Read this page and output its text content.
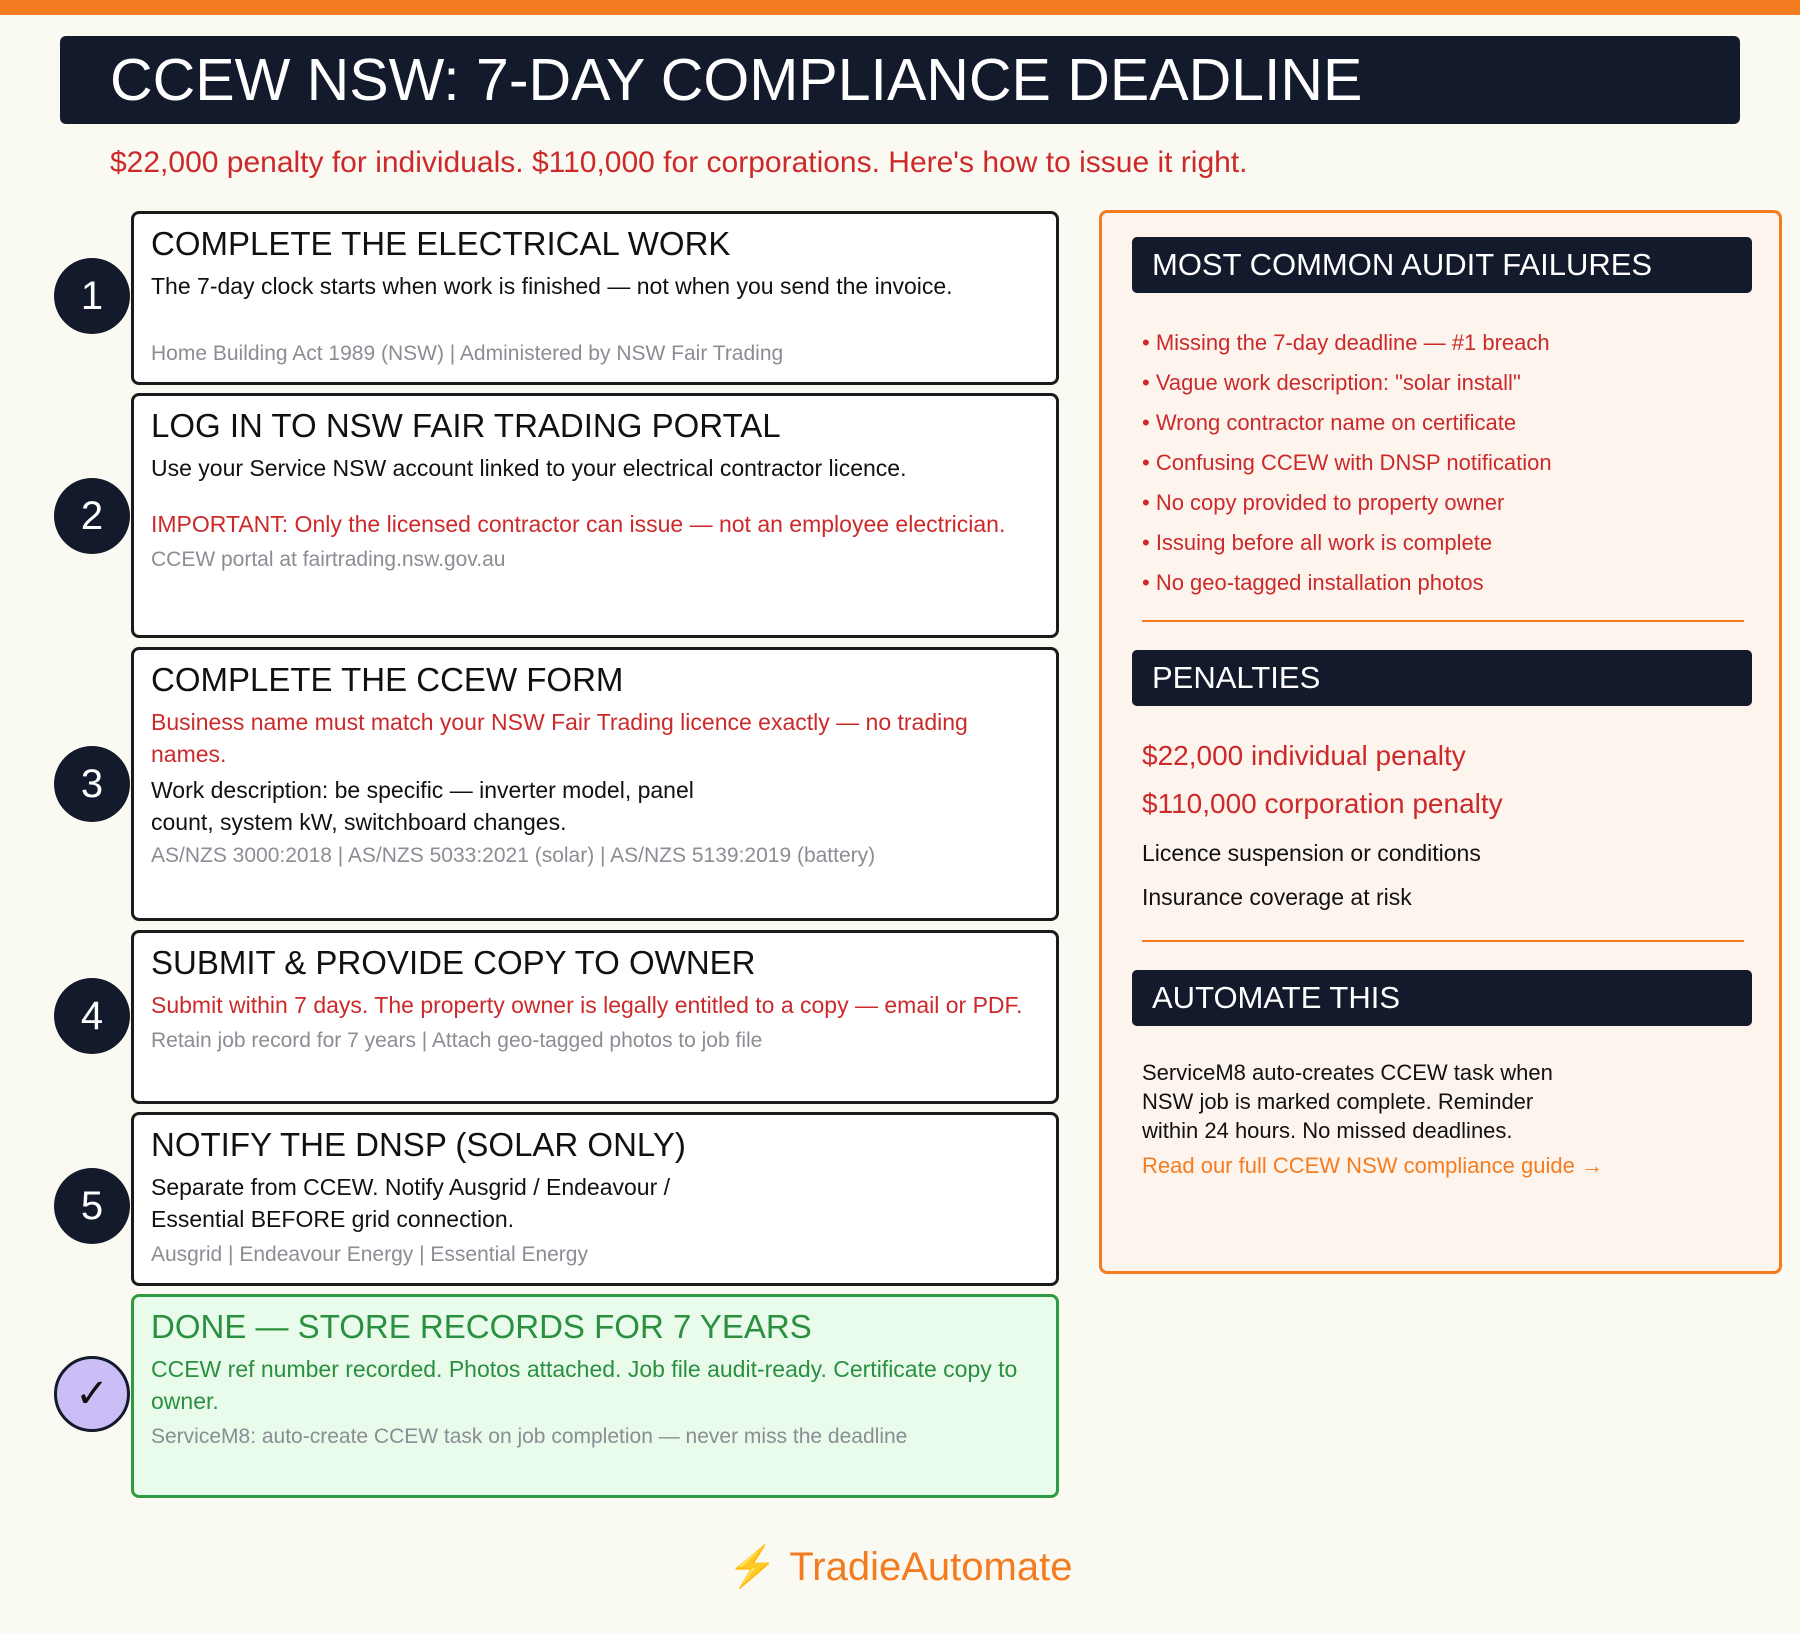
CCEW NSW: 7-DAY COMPLIANCE DEADLINE
$22,000 penalty for individuals. $110,000 for corporations. Here's how to issue it right.
1
COMPLETE THE ELECTRICAL WORK

The 7-day clock starts when work is finished — not when you send the invoice.

Home Building Act 1989 (NSW) | Administered by NSW Fair Trading

2
LOG IN TO NSW FAIR TRADING PORTAL

Use your Service NSW account linked to your electrical contractor licence.

IMPORTANT: Only the licensed contractor can issue — not an employee electrician.

CCEW portal at fairtrading.nsw.gov.au

3
COMPLETE THE CCEW FORM

Business name must match your NSW Fair Trading licence exactly — no trading names.

Work description: be specific — inverter model, panel

count, system kW, switchboard changes.

AS/NZS 3000:2018 | AS/NZS 5033:2021 (solar) | AS/NZS 5139:2019 (battery)

4
SUBMIT & PROVIDE COPY TO OWNER

Submit within 7 days. The property owner is legally entitled to a copy — email or PDF.

Retain job record for 7 years | Attach geo-tagged photos to job file

5
NOTIFY THE DNSP (SOLAR ONLY)

Separate from CCEW. Notify Ausgrid / Endeavour /

Essential BEFORE grid connection.

Ausgrid | Endeavour Energy | Essential Energy

✓
DONE — STORE RECORDS FOR 7 YEARS

CCEW ref number recorded. Photos attached. Job file audit-ready. Certificate copy to owner.

ServiceM8: auto-create CCEW task on job completion — never miss the deadline

MOST COMMON AUDIT FAILURES
• Missing the 7-day deadline — #1 breach
• Vague work description: "solar install"
• Wrong contractor name on certificate
• Confusing CCEW with DNSP notification
• No copy provided to property owner
• Issuing before all work is complete
• No geo-tagged installation photos
PENALTIES
$22,000 individual penalty
$110,000 corporation penalty
Licence suspension or conditions
Insurance coverage at risk
AUTOMATE THIS
ServiceM8 auto-creates CCEW task when NSW job is marked complete. Reminder within 24 hours. No missed deadlines.
Read our full CCEW NSW compliance guide →
⚡ TradieAutomate
